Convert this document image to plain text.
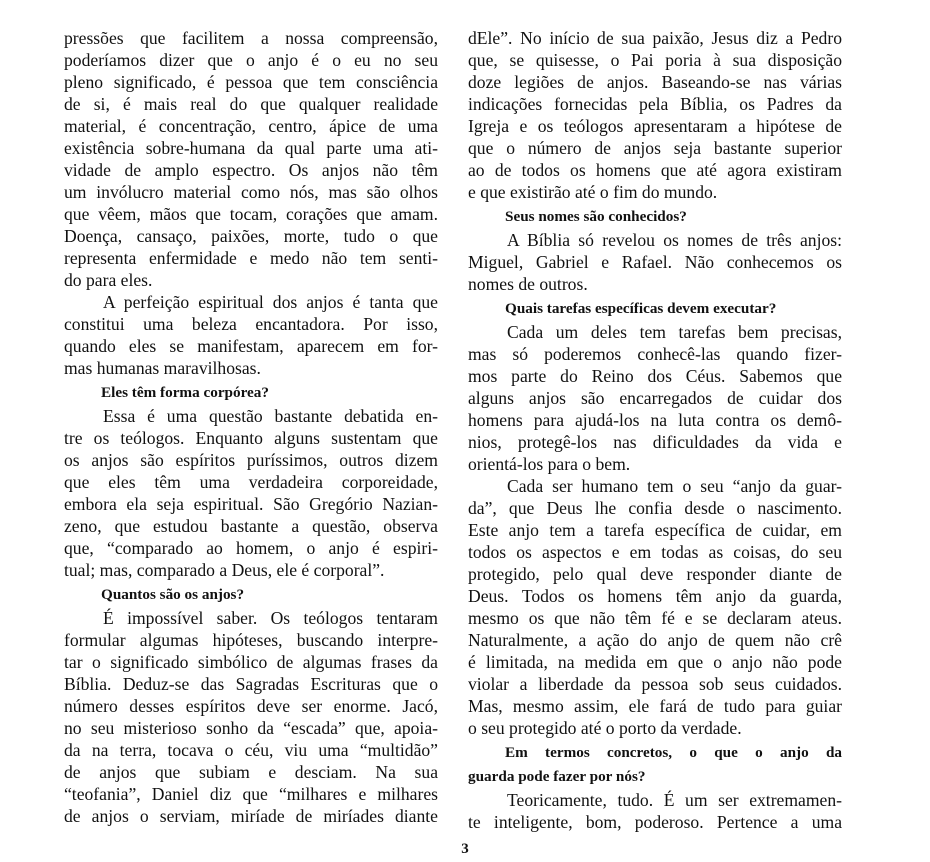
pressões que facilitem a nossa compreensão,
poderíamos dizer que o anjo é o eu no seu
pleno significado, é pessoa que tem consciência
de si, é mais real do que qualquer realidade
material, é concentração, centro, ápice de uma
existência sobre-humana da qual parte uma ati-
vidade de amplo espectro. Os anjos não têm
um invólucro material como nós, mas são olhos
que vêem, mãos que tocam, corações que amam.
Doença, cansaço, paixões, morte, tudo o que
representa enfermidade e medo não tem senti-
do para eles.
A perfeição espiritual dos anjos é tanta que
constitui uma beleza encantadora. Por isso,
quando eles se manifestam, aparecem em for-
mas humanas maravilhosas.
Eles têm forma corpórea?
Essa é uma questão bastante debatida en-
tre os teólogos. Enquanto alguns sustentam que
os anjos são espíritos puríssimos, outros dizem
que eles têm uma verdadeira corporeidade,
embora ela seja espiritual. São Gregório Nazian-
zeno, que estudou bastante a questão, observa
que, “comparado ao homem, o anjo é espiri-
tual; mas, comparado a Deus, ele é corporal”.
Quantos são os anjos?
É impossível saber. Os teólogos tentaram
formular algumas hipóteses, buscando interpre-
tar o significado simbólico de algumas frases da
Bíblia. Deduz-se das Sagradas Escrituras que o
número desses espíritos deve ser enorme. Jacó,
no seu misterioso sonho da “escada” que, apoia-
da na terra, tocava o céu, viu uma “multidão”
de anjos que subiam e desciam. Na sua
“teofania”, Daniel diz que “milhares e milhares
de anjos o serviam, miríade de miríades diante
dEle”. No início de sua paixão, Jesus diz a Pedro
que, se quisesse, o Pai poria à sua disposição
doze legiões de anjos. Baseando-se nas várias
indicações fornecidas pela Bíblia, os Padres da
Igreja e os teólogos apresentaram a hipótese de
que o número de anjos seja bastante superior
ao de todos os homens que até agora existiram
e que existirão até o fim do mundo.
Seus nomes são conhecidos?
A Bíblia só revelou os nomes de três anjos:
Miguel, Gabriel e Rafael. Não conhecemos os
nomes de outros.
Quais tarefas específicas devem executar?
Cada um deles tem tarefas bem precisas,
mas só poderemos conhecê-las quando fizer-
mos parte do Reino dos Céus. Sabemos que
alguns anjos são encarregados de cuidar dos
homens para ajudá-los na luta contra os demô-
nios, protegê-los nas dificuldades da vida e
orientá-los para o bem.
Cada ser humano tem o seu “anjo da guar-
da”, que Deus lhe confia desde o nascimento.
Este anjo tem a tarefa específica de cuidar, em
todos os aspectos e em todas as coisas, do seu
protegido, pelo qual deve responder diante de
Deus. Todos os homens têm anjo da guarda,
mesmo os que não têm fé e se declaram ateus.
Naturalmente, a ação do anjo de quem não crê
é limitada, na medida em que o anjo não pode
violar a liberdade da pessoa sob seus cuidados.
Mas, mesmo assim, ele fará de tudo para guiar
o seu protegido até o porto da verdade.
Em termos concretos, o que o anjo da
guarda pode fazer por nós?
Teoricamente, tudo. É um ser extremamen-
te inteligente, bom, poderoso. Pertence a uma
3
